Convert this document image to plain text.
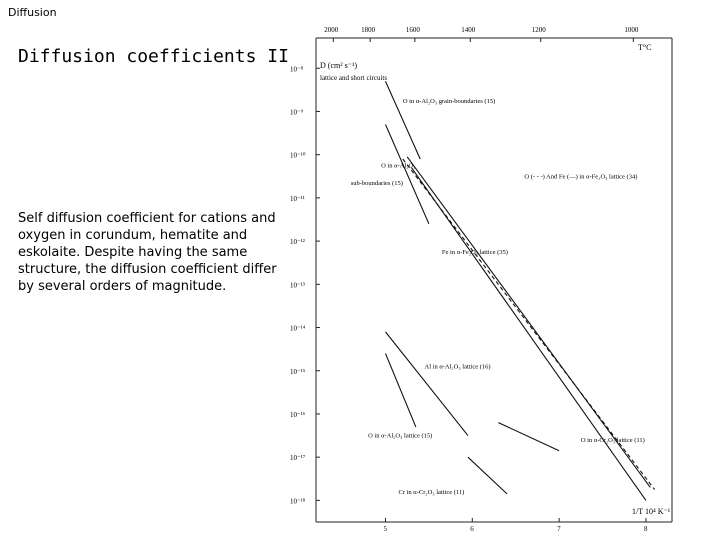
Diffusion
Diffusion coefficients II
Self diffusion coefficient for cations and oxygen in corundum, hematite and eskolaite. Despite having the same structure, the diffusion coefficient differ by several orders of magnitude.
T°C
D (cm² s⁻¹)
lattice and short circuits
1/T 10⁴ K⁻¹
10⁻⁸
10⁻⁹
10⁻¹⁰
10⁻¹¹
10⁻¹²
10⁻¹³
10⁻¹⁴
10⁻¹⁵
10⁻¹⁶
10⁻¹⁷
10⁻¹⁸
5	6	7	8
2000	1800	1600	1400	1200	1000
O in α-Al₂O₃ grain-boundaries (15)
O in α-Al₂O₃
sub-boundaries (15)
O (- - -) And Fe (—) in α-Fe₂O₃ lattice (34)
Fe in α-Fe₂O₃ lattice (35)
Al in α-Al₂O₃ lattice (16)
O in α-Al₂O₃ lattice (15)
O in α-Cr₂O₃ lattice (11)
Cr in α-Cr₂O₃ lattice (11)
